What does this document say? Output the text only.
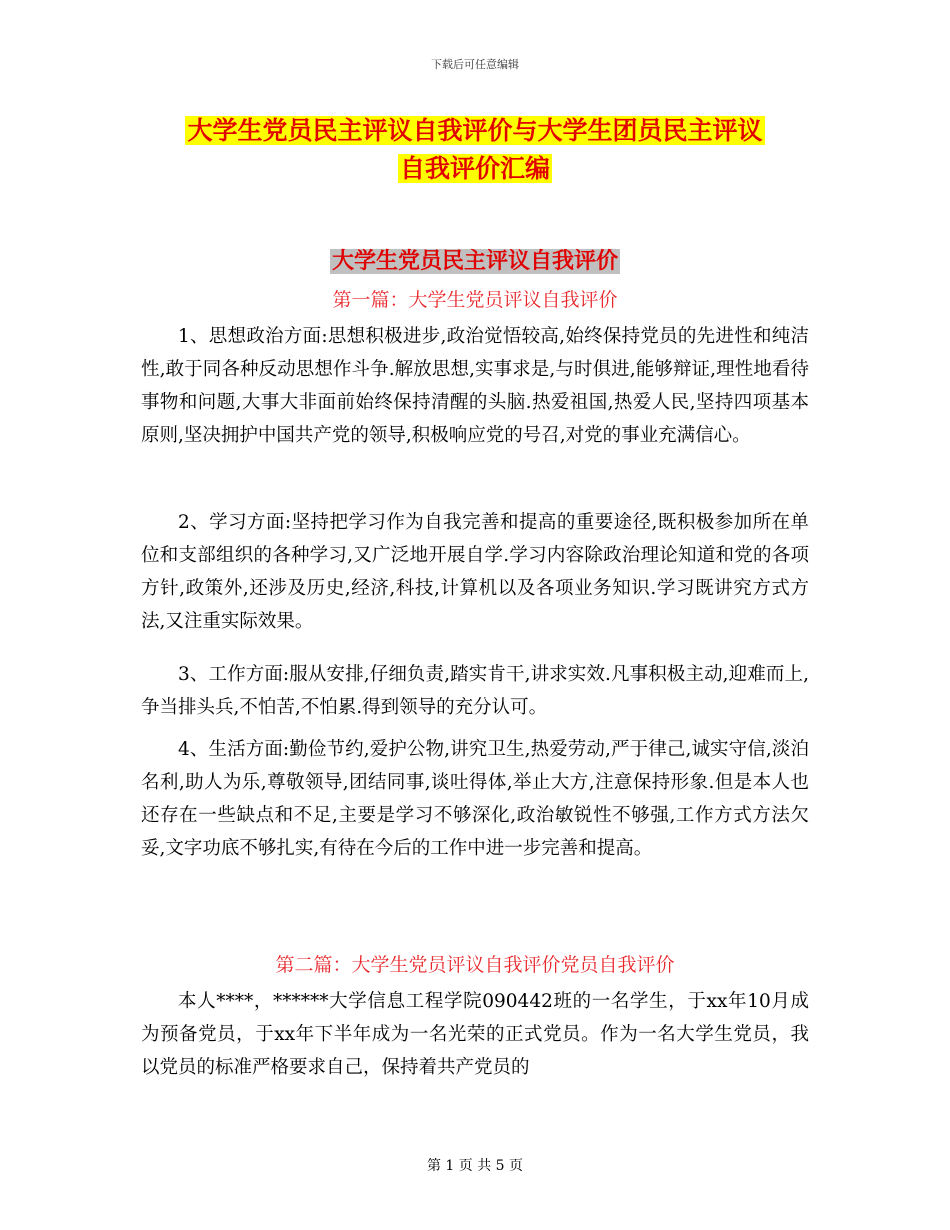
下载后可任意编辑
大学生党员民主评议自我评价与大学生团员民主评议
自我评价汇编
大学生党员民主评议自我评价
第一篇：大学生党员评议自我评价
1、思想政治方面:思想积极进步,政治觉悟较高,始终保持党员的先进性和纯洁性,敢于同各种反动思想作斗争.解放思想,实事求是,与时俱进,能够辩证,理性地看待事物和问题,大事大非面前始终保持清醒的头脑.热爱祖国,热爱人民,坚持四项基本原则,坚决拥护中国共产党的领导,积极响应党的号召,对党的事业充满信心。
2、学习方面:坚持把学习作为自我完善和提高的重要途径,既积极参加所在单位和支部组织的各种学习,又广泛地开展自学.学习内容除政治理论知道和党的各项方针,政策外,还涉及历史,经济,科技,计算机以及各项业务知识.学习既讲究方式方法,又注重实际效果。
3、工作方面:服从安排,仔细负责,踏实肯干,讲求实效.凡事积极主动,迎难而上,争当排头兵,不怕苦,不怕累.得到领导的充分认可。
4、生活方面:勤俭节约,爱护公物,讲究卫生,热爱劳动,严于律己,诚实守信,淡泊名利,助人为乐,尊敬领导,团结同事,谈吐得体,举止大方,注意保持形象.但是本人也还存在一些缺点和不足,主要是学习不够深化,政治敏锐性不够强,工作方式方法欠妥,文字功底不够扎实,有待在今后的工作中进一步完善和提高。
第二篇：大学生党员评议自我评价党员自我评价
本人****，******大学信息工程学院090442班的一名学生，于xx年10月成为预备党员，于xx年下半年成为一名光荣的正式党员。作为一名大学生党员，我以党员的标准严格要求自己，保持着共产党员的
第 1 页 共 5 页
